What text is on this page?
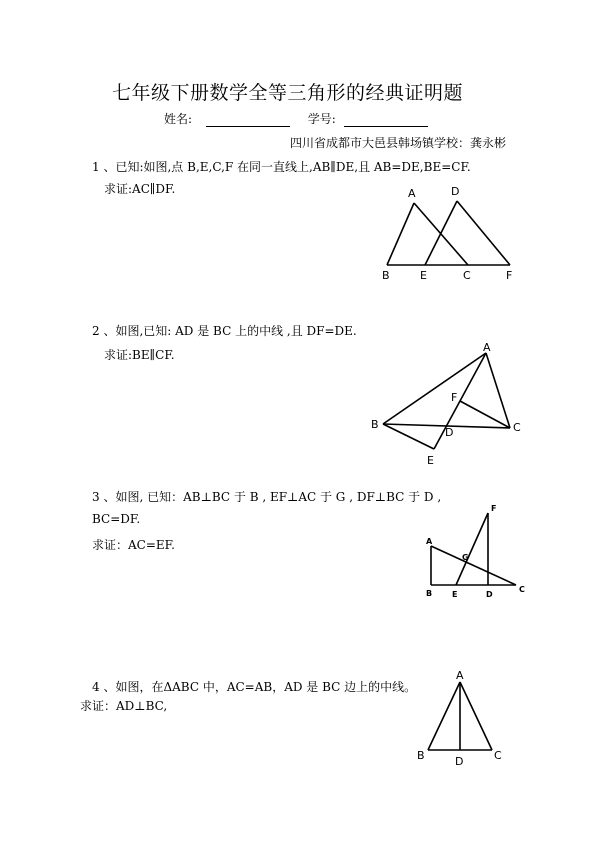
七年级下册数学全等三角形的经典证明题
姓名:	学号:
四川省成都市大邑县韩场镇学校：龚永彬
1 、已知:如图,点 B,E,C,F 在同一直线上,AB∥DE,且 AB=DE,BE=CF.
求证:AC∥DF.	A	D
B	E	C	F
2 、如图,已知: AD 是 BC 上的中线 ,且 DF=DE.
求证:BE∥CF.
A
F
B
D	C
E
3 、如图, 已知：AB⊥BC 于 B , EF⊥AC 于 G , DF⊥BC 于 D ,
BC=DF.
求证：AC=EF.
F
A
G
B E	D
C
4 、如图，在ΔABC 中，AC=AB，AD 是 BC 边上的中线。
求证：AD⊥BC,
A
B	D	C
